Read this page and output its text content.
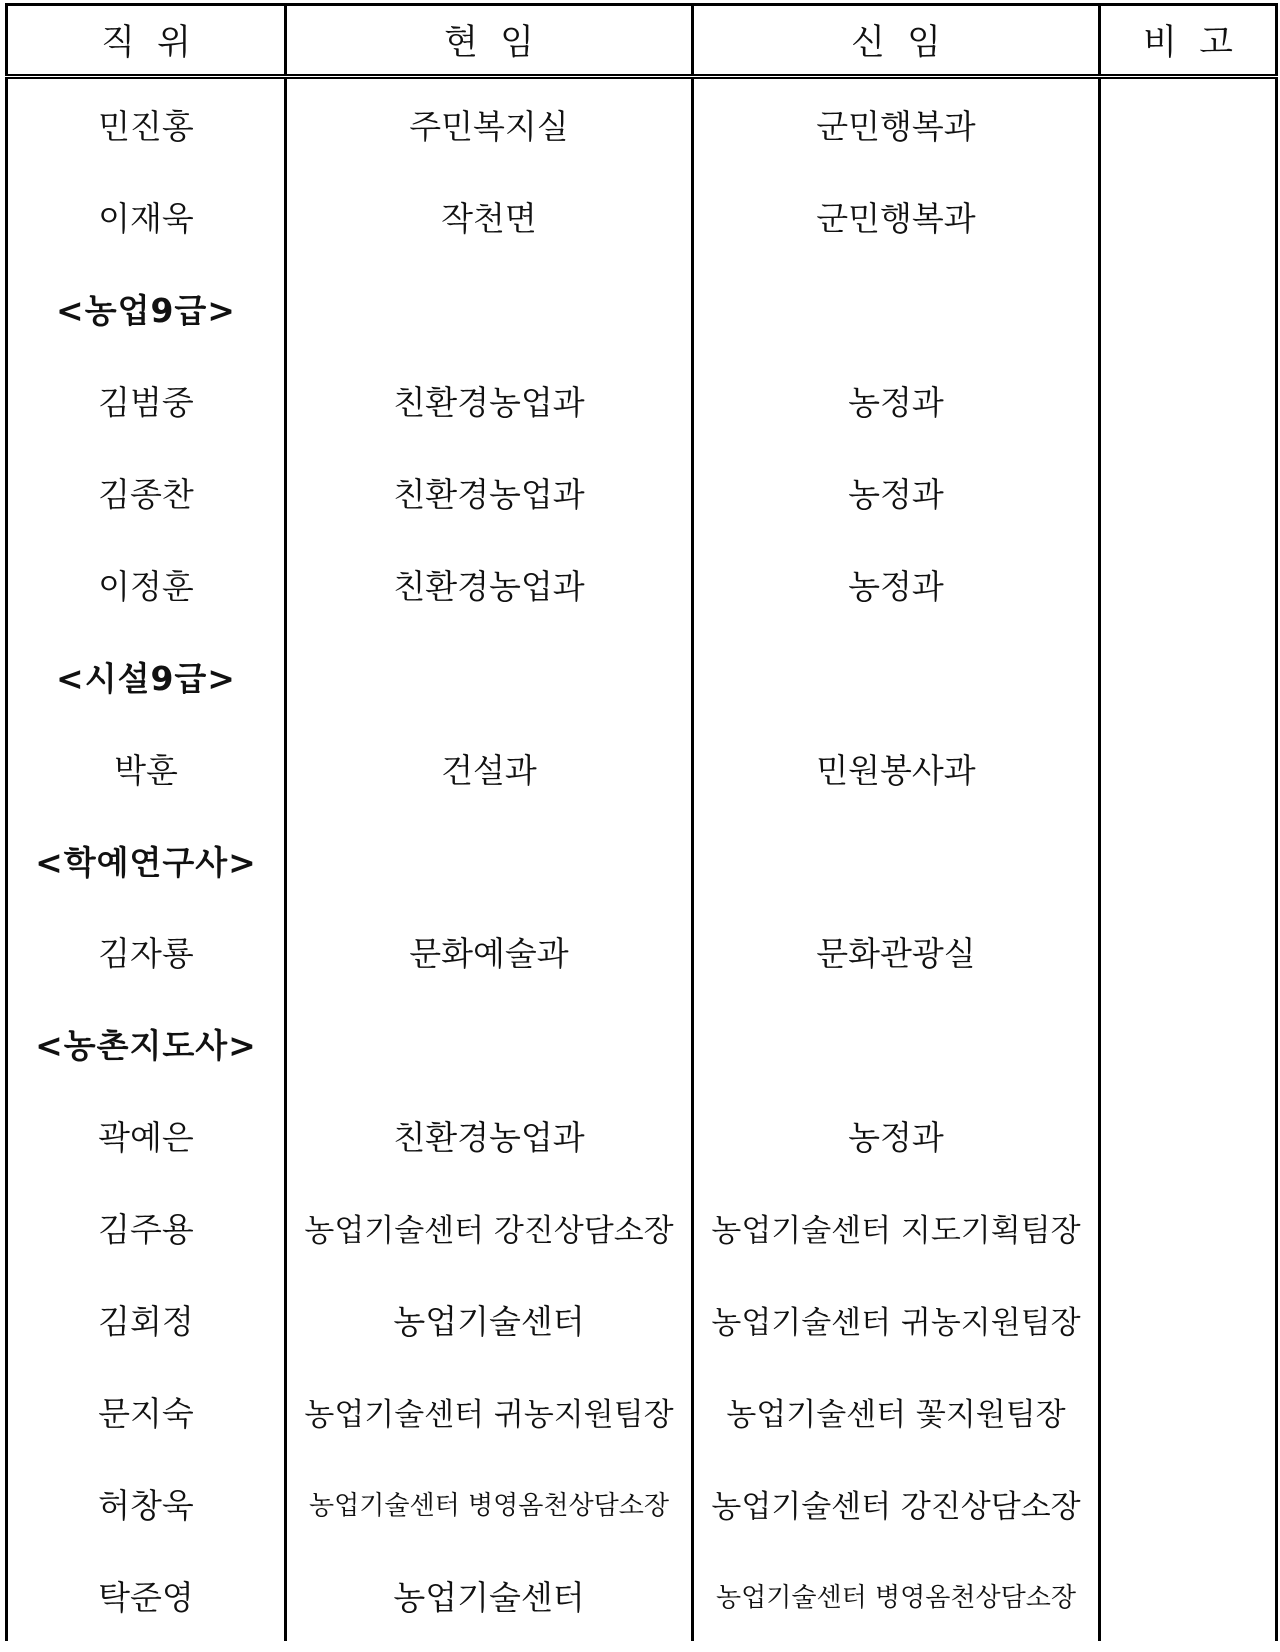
직  위	현  임	신  임	비  고
민진홍	주민복지실	군민행복과	
이재욱	작천면	군민행복과	
<농업9급>			
김범중	친환경농업과	농정과	
김종찬	친환경농업과	농정과	
이정훈	친환경농업과	농정과	
<시설9급>			
박훈	건설과	민원봉사과	
<학예연구사>			
김자룡	문화예술과	문화관광실	
<농촌지도사>			
곽예은	친환경농업과	농정과	
김주용	농업기술센터 강진상담소장	농업기술센터 지도기획팀장	
김회정	농업기술센터	농업기술센터 귀농지원팀장	
문지숙	농업기술센터 귀농지원팀장	농업기술센터 꽃지원팀장	
허창욱	농업기술센터 병영옴천상담소장	농업기술센터 강진상담소장	
탁준영	농업기술센터	농업기술센터 병영옴천상담소장	
